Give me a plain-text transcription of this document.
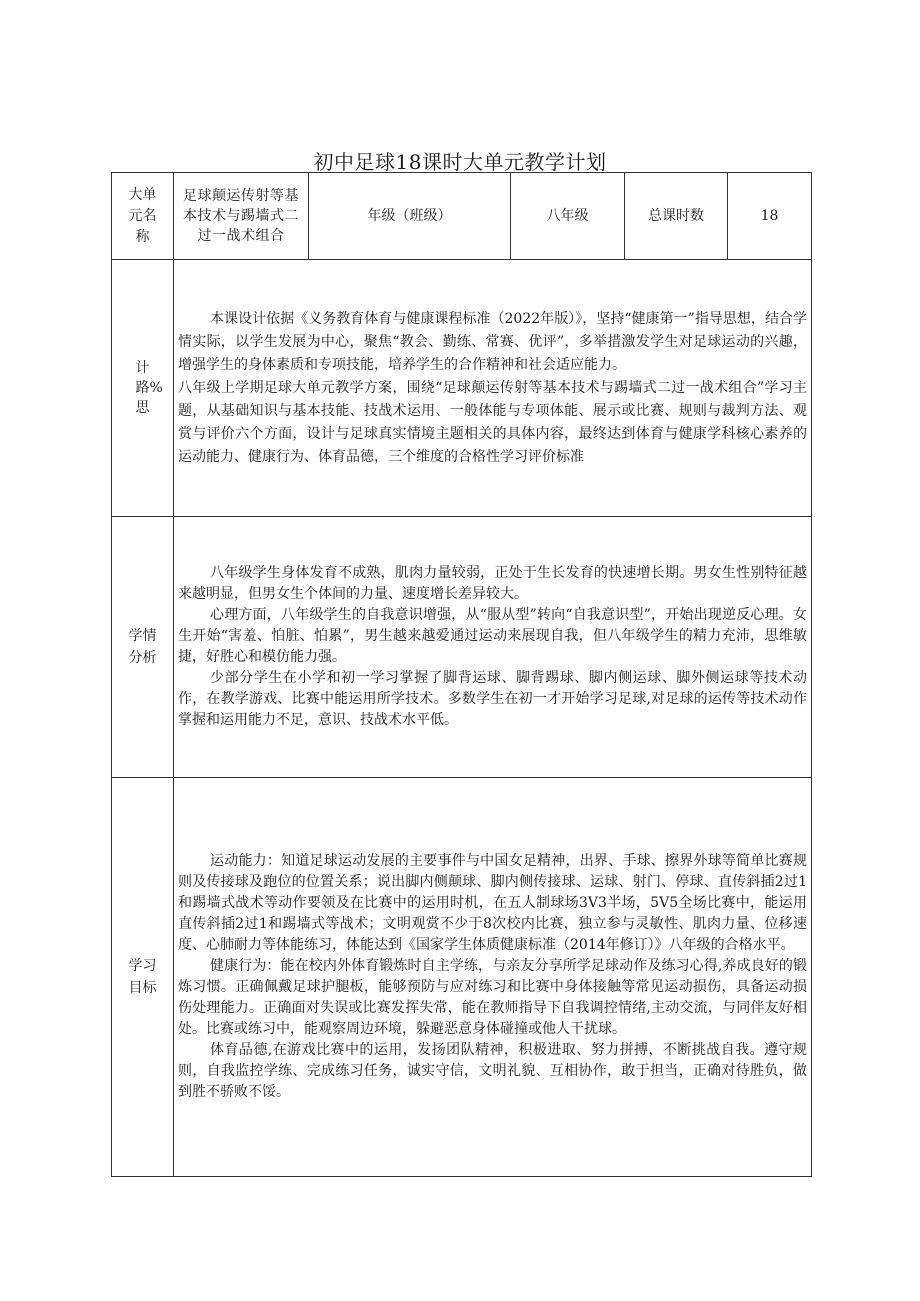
初中足球18课时大单元教学计划
大单元名称	足球颠运传射等基本技术与踢墙式二过一战术组合	年级（班级）	八年级	总课时数	18

计路%思	本课设计依据《义务教育体育与健康课程标准（2022年版）》，坚持“健康第一”指导思想，结合学情实际，以学生发展为中心，聚焦“教会、勤练、常赛、优评”，多举措激发学生对足球运动的兴趣，增强学生的身体素质和专项技能，培养学生的合作精神和社会适应能力。

八年级上学期足球大单元教学方案，围绕“足球颠运传射等基本技术与踢墙式二过一战术组合”学习主题，从基础知识与基本技能、技战术运用、一般体能与专项体能、展示或比赛、规则与裁判方法、观赏与评价六个方面，设计与足球真实情境主题相关的具体内容，最终达到体育与健康学科核心素养的运动能力、健康行为、体育品德，三个维度的合格性学习评价标准				

学情分析	八年级学生身体发育不成熟，肌肉力量较弱，正处于生长发育的快速增长期。男女生性别特征越来越明显，但男女生个体间的力量、速度增长差异较大。

心理方面，八年级学生的自我意识增强，从“服从型”转向“自我意识型”，开始出现逆反心理。女生开始“害羞、怕脏、怕累”，男生越来越爱通过运动来展现自我，但八年级学生的精力充沛，思维敏捷，好胜心和模仿能力强。

少部分学生在小学和初一学习掌握了脚背运球、脚背踢球、脚内侧运球、脚外侧运球等技术动作，在教学游戏、比赛中能运用所学技术。多数学生在初一才开始学习足球,对足球的运传等技术动作掌握和运用能力不足，意识、技战术水平低。				

学习目标	运动能力：知道足球运动发展的主要事件与中国女足精神，出界、手球、擦界外球等简单比赛规则及传接球及跑位的位置关系；说出脚内侧颠球、脚内侧传接球、运球、射门、停球、直传斜插2过1和踢墙式战术等动作要领及在比赛中的运用时机，在五人制球场3V3半场，5V5全场比赛中，能运用直传斜插2过1和踢墙式等战术；文明观赏不少于8次校内比赛，独立参与灵敏性、肌肉力量、位移速度、心肺耐力等体能练习，体能达到《国家学生体质健康标准（2014年修订）》八年级的合格水平。

健康行为：能在校内外体育锻炼时自主学练，与亲友分享所学足球动作及练习心得,养成良好的锻炼习惯。正确佩戴足球护腿板，能够预防与应对练习和比赛中身体接触等常见运动损伤，具备运动损伤处理能力。正确面对失误或比赛发挥失常，能在教师指导下自我调控情绪,主动交流，与同伴友好相处。比赛或练习中，能观察周边环境，躲避恶意身体碰撞或他人干扰球。

体育品德,在游戏比赛中的运用，发扬团队精神，积极进取、努力拼搏，不断挑战自我。遵守规则，自我监控学练、完成练习任务，诚实守信，文明礼貌、互相协作，敢于担当，正确对待胜负，做到胜不骄败不馁。				
